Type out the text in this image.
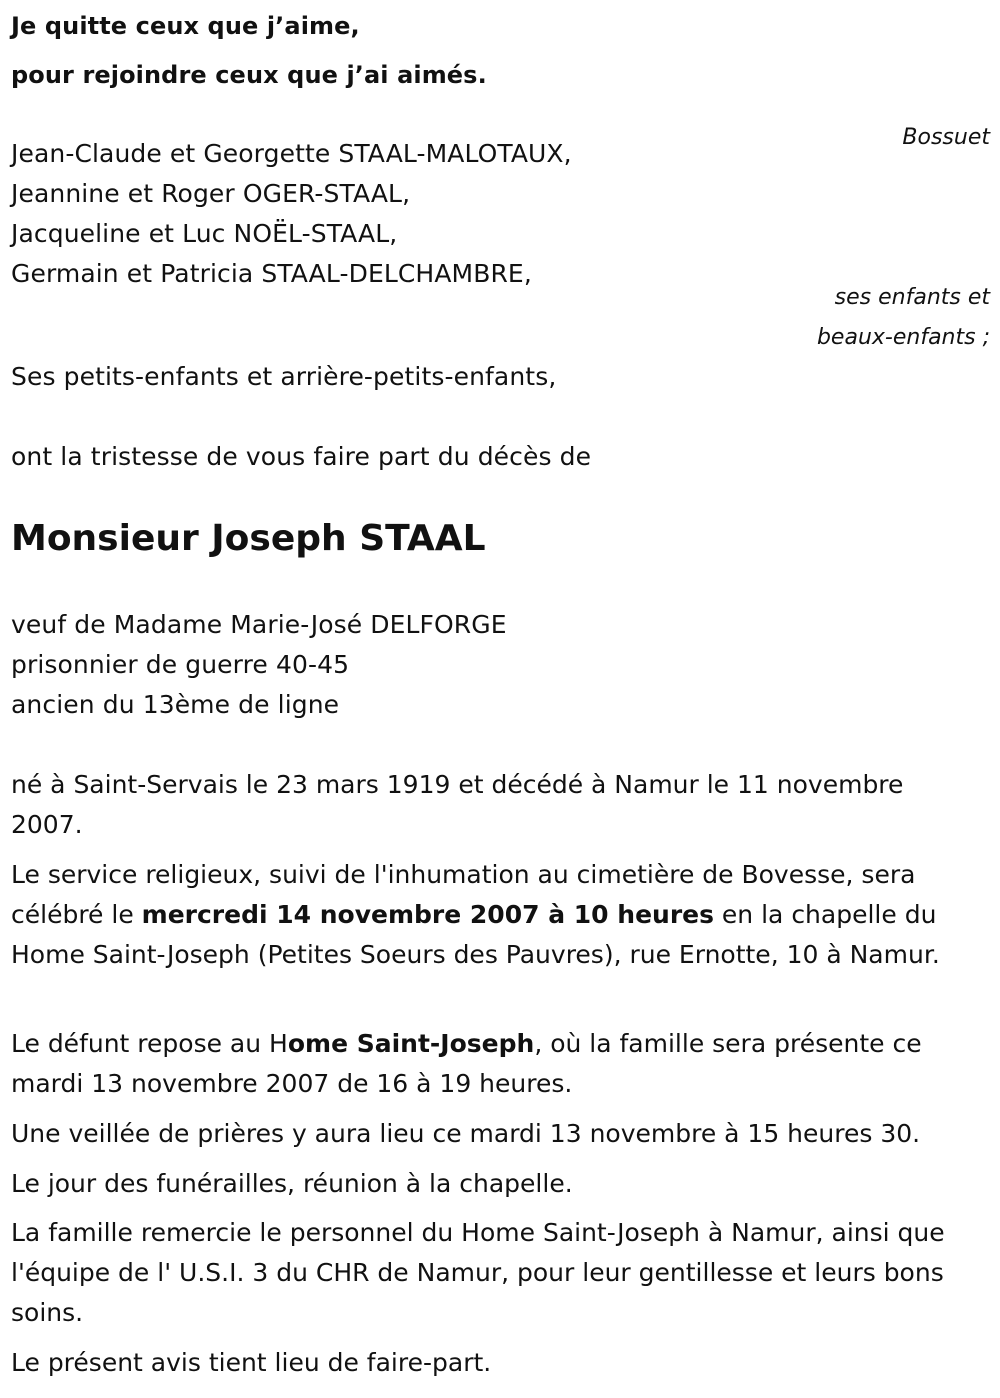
Je quitte ceux que j’aime,
pour rejoindre ceux que j’ai aimés.
Bossuet
Jean-Claude et Georgette STAAL-MALOTAUX,
Jeannine et Roger OGER-STAAL,
Jacqueline et Luc NOËL-STAAL,
Germain et Patricia STAAL-DELCHAMBRE,
ses enfants et
beaux-enfants ;
Ses petits-enfants et arrière-petits-enfants,
ont la tristesse de vous faire part du décès de
Monsieur Joseph STAAL
veuf de Madame Marie-José DELFORGE
prisonnier de guerre 40-45
ancien du 13ème de ligne
né à Saint-Servais le 23 mars 1919 et décédé à Namur le 11 novembre 2007.
Le service religieux, suivi de l'inhumation au cimetière de Bovesse, sera célébré le mercredi 14 novembre 2007 à 10 heures en la chapelle du Home Saint-Joseph (Petites Soeurs des Pauvres), rue Ernotte, 10 à Namur.
Le défunt repose au Home Saint-Joseph, où la famille sera présente ce mardi 13 novembre 2007 de 16 à 19 heures.
Une veillée de prières y aura lieu ce mardi 13 novembre à 15 heures 30.
Le jour des funérailles, réunion à la chapelle.
La famille remercie le personnel du Home Saint-Joseph à Namur, ainsi que l'équipe de l' U.S.I. 3 du CHR de Namur, pour leur gentillesse et leurs bons soins.
Le présent avis tient lieu de faire-part.
